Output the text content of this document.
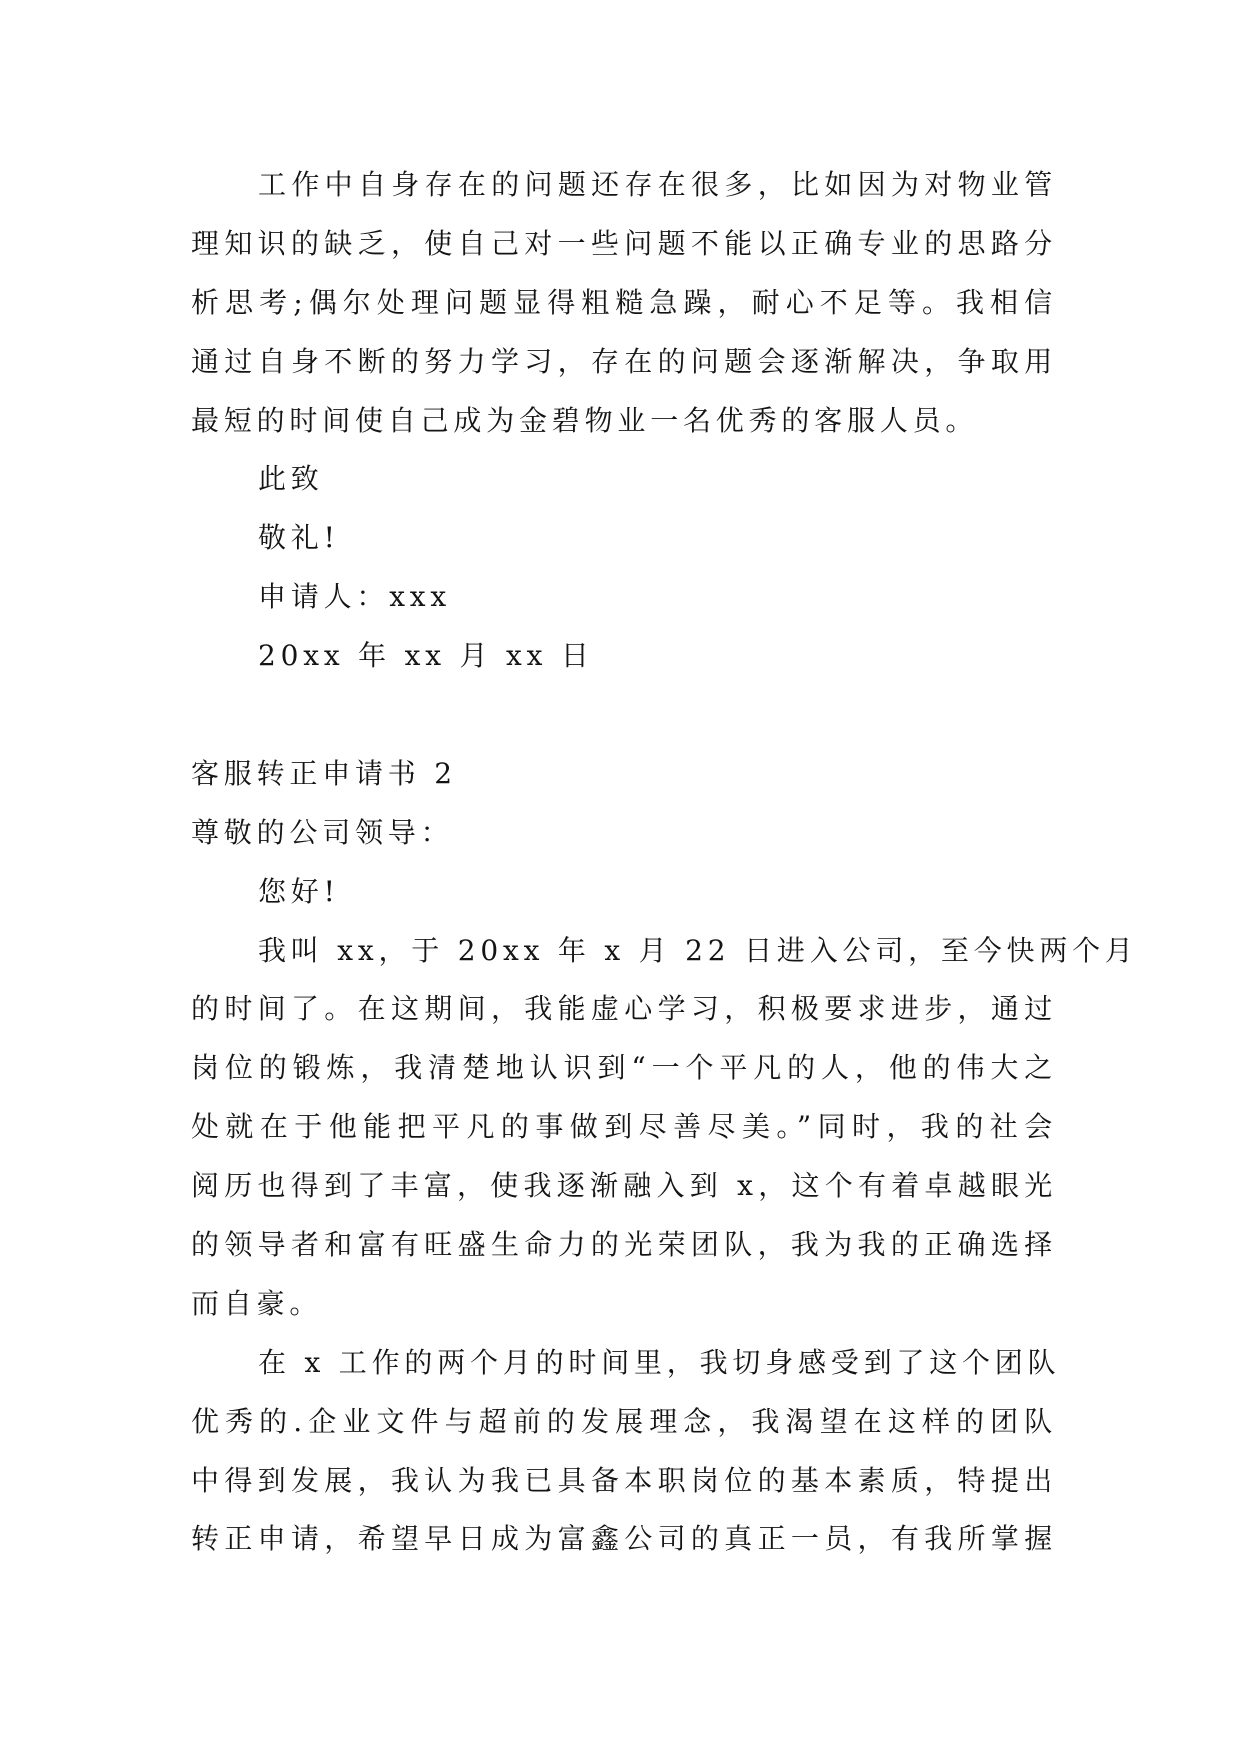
工作中自身存在的问题还存在很多，比如因为对物业管
理知识的缺乏，使自己对一些问题不能以正确专业的思路分
析思考;偶尔处理问题显得粗糙急躁，耐心不足等。我相信
通过自身不断的努力学习，存在的问题会逐渐解决，争取用
最短的时间使自己成为金碧物业一名优秀的客服人员。
此致
敬礼!
申请人：xxx
20xx 年 xx 月 xx 日
客服转正申请书 2
尊敬的公司领导：
您好!
我叫 xx，于 20xx 年 x 月 22 日进入公司，至今快两个月
的时间了。在这期间，我能虚心学习，积极要求进步，通过
岗位的锻炼，我清楚地认识到“一个平凡的人，他的伟大之
处就在于他能把平凡的事做到尽善尽美。”同时，我的社会
阅历也得到了丰富，使我逐渐融入到 x，这个有着卓越眼光
的领导者和富有旺盛生命力的光荣团队，我为我的正确选择
而自豪。
在 x 工作的两个月的时间里，我切身感受到了这个团队
优秀的.企业文件与超前的发展理念，我渴望在这样的团队
中得到发展，我认为我已具备本职岗位的基本素质，特提出
转正申请，希望早日成为富鑫公司的真正一员，有我所掌握
